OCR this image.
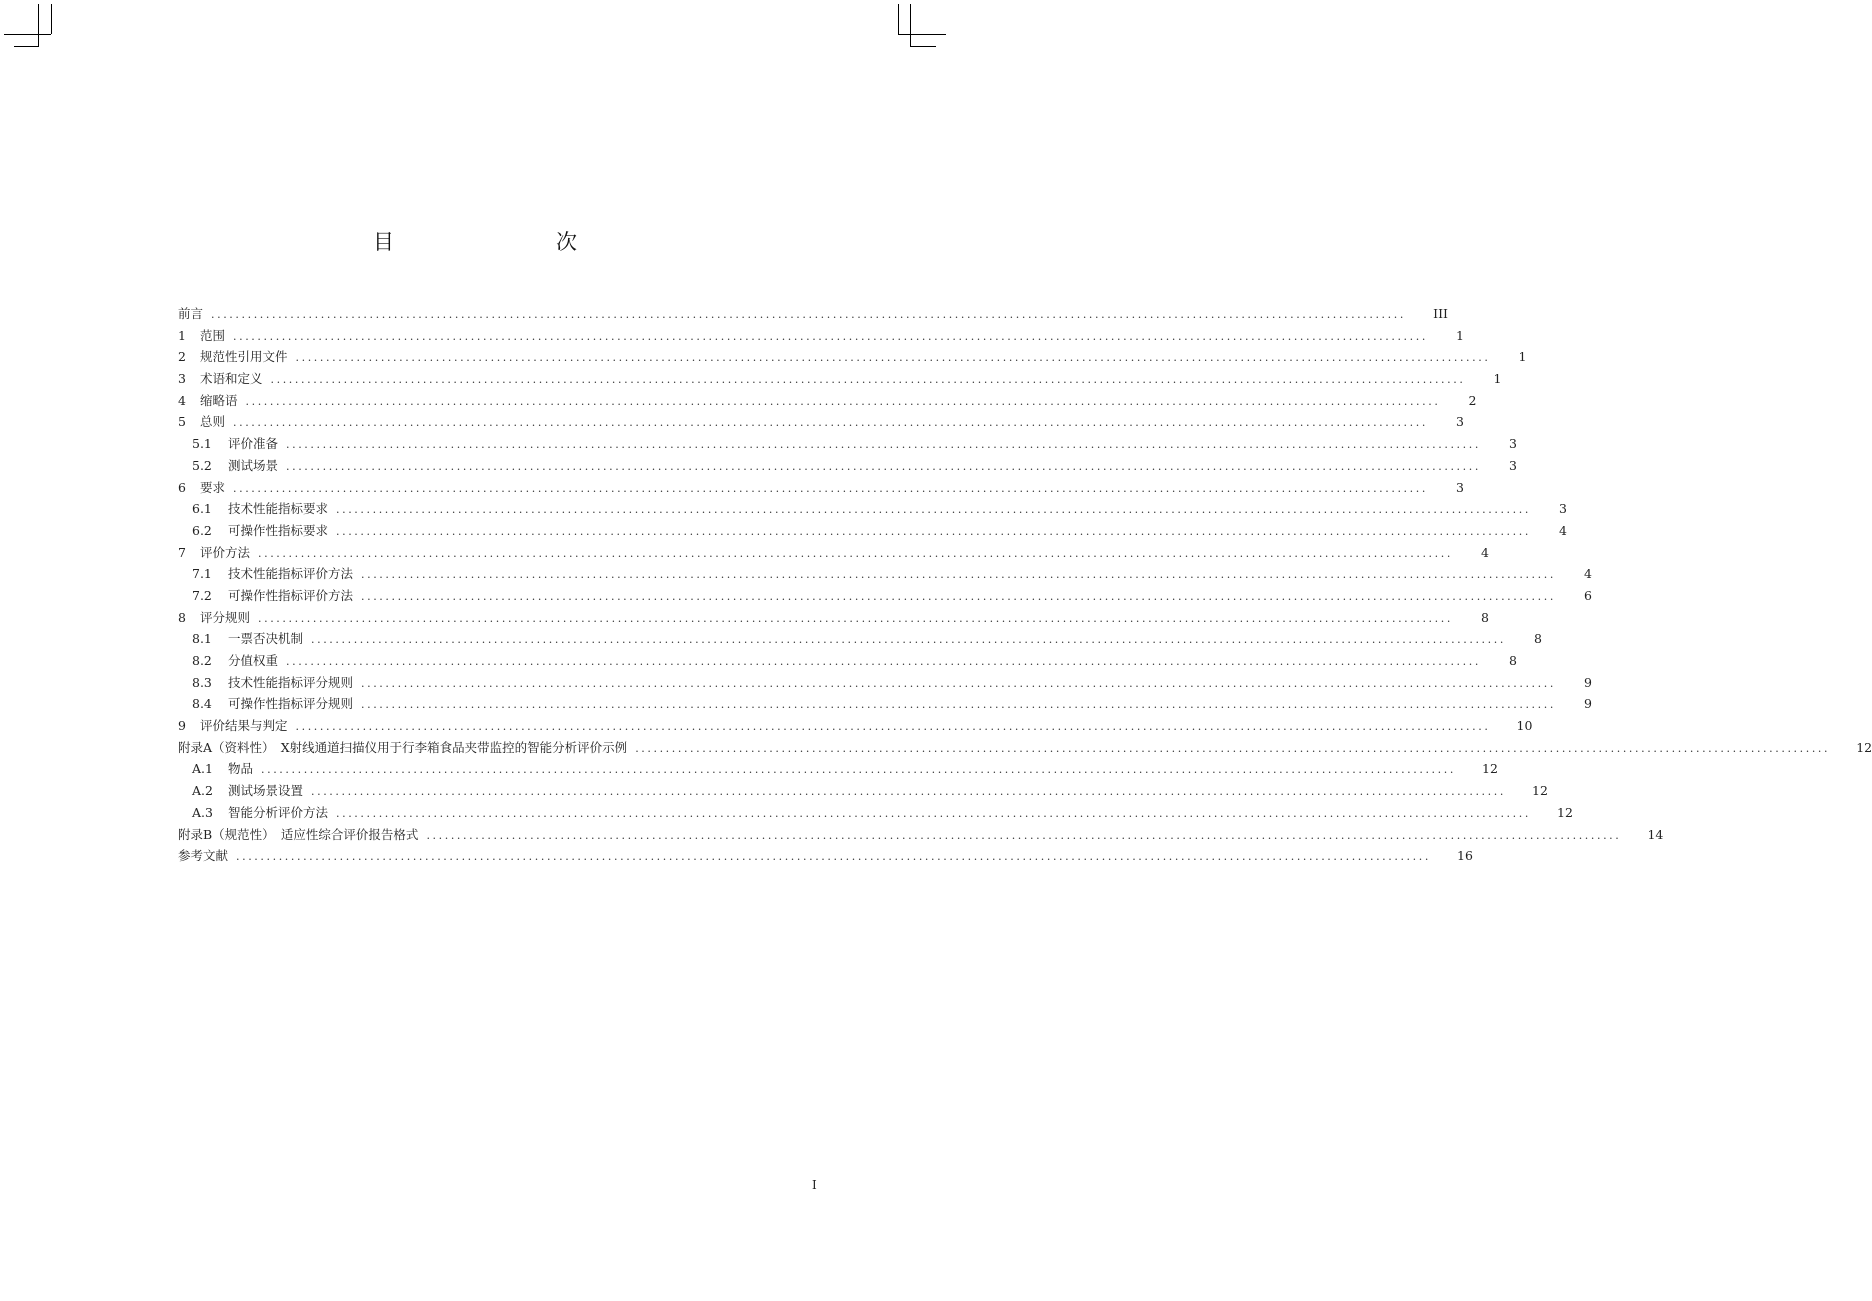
目　　次
前言 ....................................................................................................................................................................................................	III
1	范围 ....................................................................................................................................................................................................	1
2	规范性引用文件 ....................................................................................................................................................................................................	1
3	术语和定义 ....................................................................................................................................................................................................	1
4	缩略语 ....................................................................................................................................................................................................	2
5	总则 ....................................................................................................................................................................................................	3
5.1	评价准备 ....................................................................................................................................................................................................	3
5.2	测试场景 ....................................................................................................................................................................................................	3
6	要求 ....................................................................................................................................................................................................	3
6.1	技术性能指标要求 ....................................................................................................................................................................................................	3
6.2	可操作性指标要求 ....................................................................................................................................................................................................	4
7	评价方法 ....................................................................................................................................................................................................	4
7.1	技术性能指标评价方法 ....................................................................................................................................................................................................	4
7.2	可操作性指标评价方法 ....................................................................................................................................................................................................	6
8	评分规则 ....................................................................................................................................................................................................	8
8.1	一票否决机制 ....................................................................................................................................................................................................	8
8.2	分值权重 ....................................................................................................................................................................................................	8
8.3	技术性能指标评分规则 ....................................................................................................................................................................................................	9
8.4	可操作性指标评分规则 ....................................................................................................................................................................................................	9
9	评价结果与判定 ....................................................................................................................................................................................................	10
附录A（资料性）　X射线通道扫描仪用于行李箱食品夹带监控的智能分析评价示例 ....................................................................................................................................................................................................	12
A.1	物品 ....................................................................................................................................................................................................	12
A.2	测试场景设置 ....................................................................................................................................................................................................	12
A.3	智能分析评价方法 ....................................................................................................................................................................................................	12
附录B（规范性）　适应性综合评价报告格式 ....................................................................................................................................................................................................	14
参考文献 ....................................................................................................................................................................................................	16
I
